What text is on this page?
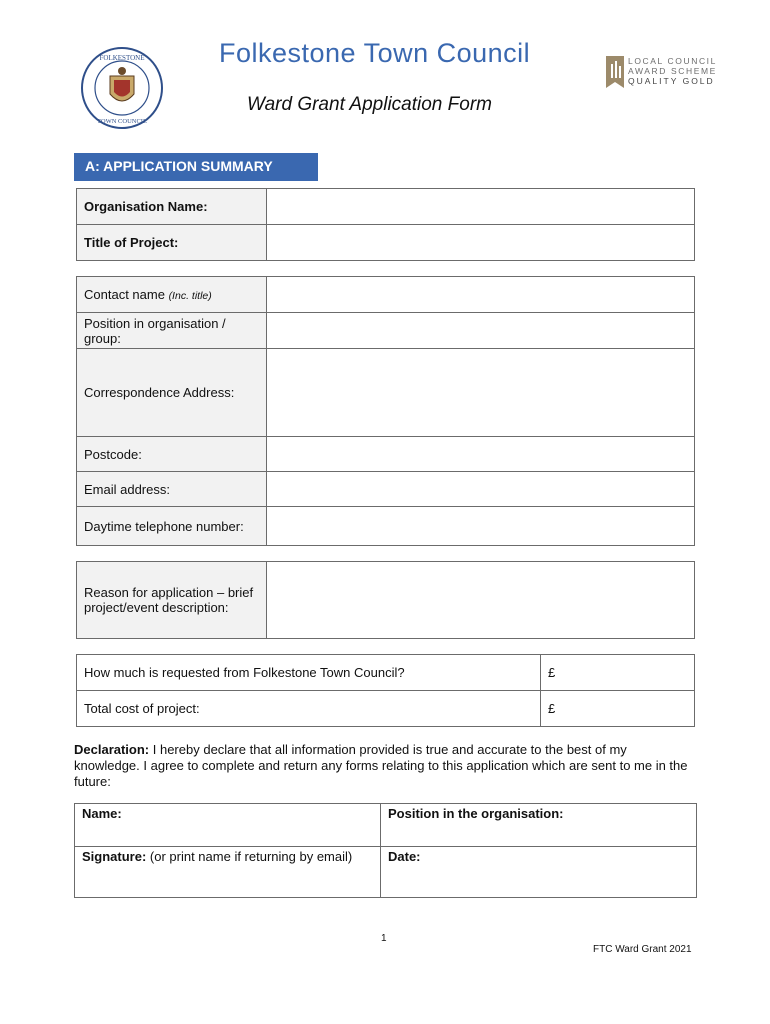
FOLKESTONE
TOWN COUNCIL
Folkestone Town Council
Ward Grant Application Form
LOCAL COUNCIL
AWARD SCHEME
QUALITY GOLD
A: APPLICATION SUMMARY
Organisation Name:	
Title of Project:	
Contact name (Inc. title)	
Position in organisation / group:	
Correspondence Address:	
Postcode:	
Email address:	
Daytime telephone number:	
Reason for application – brief project/event description:	
How much is requested from Folkestone Town Council?	£
Total cost of project:	£
Declaration: I hereby declare that all information provided is true and accurate to the best of my knowledge. I agree to complete and return any forms relating to this application which are sent to me in the future:
Name:	Position in the organisation:
Signature: (or print name if returning by email)	Date:
1
FTC Ward Grant 2021
